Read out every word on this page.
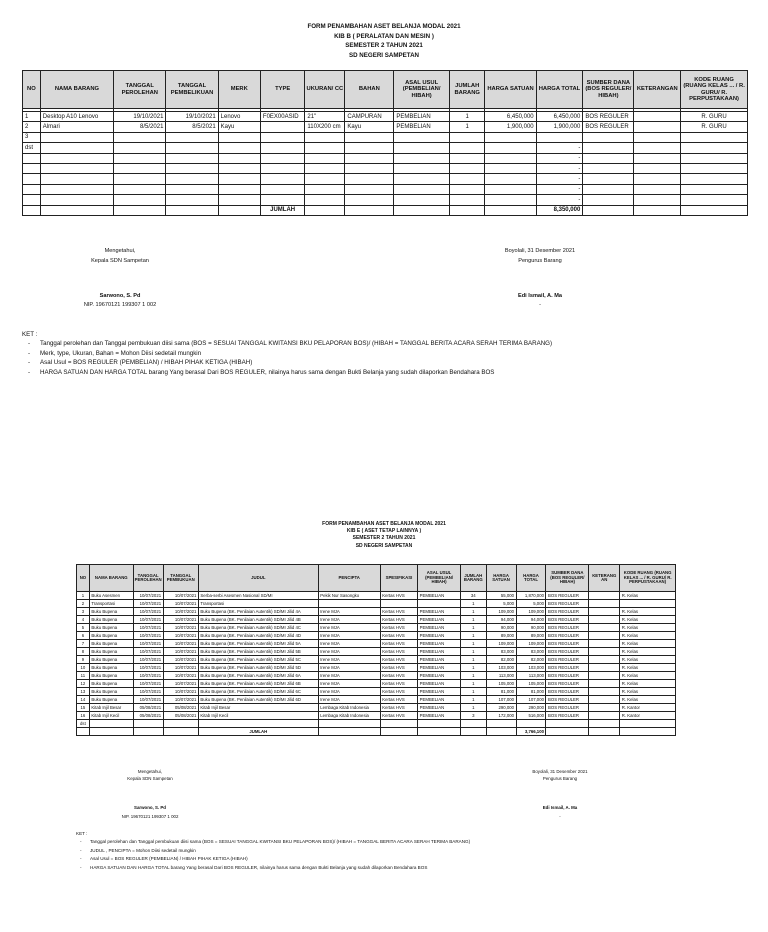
FORM PENAMBAHAN ASET BELANJA MODAL 2021
KIB B ( PERALATAN DAN MESIN )
SEMESTER 2 TAHUN 2021
SD NEGERI SAMPETAN
NO	NAMA BARANG	TANGGAL PEROLEHAN	TANGGAL PEMBELIKUAN	MERK	TYPE	UKURAN/ CC	BAHAN	ASAL USUL (PEMBELIAN/ HIBAH)	JUMLAH BARANG	HARGA SATUAN	HARGA TOTAL	SUMBER DANA (BOS REGULER/ HIBAH)	KETERANGAN	KODE RUANG (RUANG KELAS ... / R. GURU/ R. PERPUSTAKAAN)

1	Desktop A10 Lenovo	19/10/2021	19/10/2021	Lenovo	F0EX00ASID	21"	CAMPURAN	PEMBELIAN	1	6,450,000	6,450,000	BOS REGULER		R. GURU
2	Almari	8/5/2021	8/5/2021	Kayu		110X200 cm	Kayu	PEMBELIAN	1	1,900,000	1,900,000	BOS REGULER		R. GURU
3														
dst											-			
											-			
											-			
											-			
											-			
											-			
					JUMLAH						8,350,000			
Mengetahui,
Kepala SDN Sampetan
Boyolali, 31 Desember 2021
Pengurus Barang
Sarwono, S. Pd
NIP. 19670121 199307 1 002
Edi Ismail, A. Ma
-
KET :
- Tanggal perolehan dan Tanggal pembukuan diisi sama (BOS = SESUAI TANGGAL KWITANSI BKU PELAPORAN BOS)/ (HIBAH = TANGGAL BERITA ACARA SERAH TERIMA BARANG)
- Merk, type, Ukuran, Bahan = Mohon Diisi sedetail mungkin
- Asal Usul = BOS REGULER (PEMBELIAN) / HIBAH PIHAK KETIGA (HIBAH)
- HARGA SATUAN DAN HARGA TOTAL barang Yang berasal Dari BOS REGULER, nilainya harus sama dengan Bukti Belanja yang sudah dilaporkan Bendahara BOS
FORM PENAMBAHAN ASET BELANJA MODAL 2021
KIB E ( ASET TETAP LAINNYA )
SEMESTER 2 TAHUN 2021
SD NEGERI SAMPETAN
NO	NAMA BARANG	TANGGAL PEROLEHAN	TANGGAL PEMBUKUAN	JUDUL	PENCIPTA	SPESIFIKASI	ASAL USUL (PEMBELIAN/ HIBAH)	JUMLAH BARANG	HARGA SATUAN	HARGA TOTAL	SUMBER DANA (BOS REGULER/ HIBAH)	KETERANG AN	KODE RUANG (RUANG KELAS ... / R. GURU/ R. PERPUSTAKAAN)
1	Buku Asesmen	10/07/2021	10/07/2021	Serba-serbi Asesmen Nasional SD/MI	Pekik Nur Sasongko	Kertas HVS	PEMBELIAN	34	55,000	1,870,000	BOS REGULER		R. Kelas
2	Transportasi	10/07/2021	10/07/2021	Transportasi				1	5,000	5,000	BOS REGULER		
3	Buku Bupena	10/07/2021	10/07/2021	Buku Bupena (BK. Penilaian Autentik) SD/MI Jilid 4A	Irene MJA	Kertas HVS	PEMBELIAN	1	109,000	109,000	BOS REGULER		R. Kelas
4	Buku Bupena	10/07/2021	10/07/2021	Buku Bupena (BK. Penilaian Autentik) SD/MI Jilid 4B	Irene MJA	Kertas HVS	PEMBELIAN	1	94,000	94,000	BOS REGULER		R. Kelas
5	Buku Bupena	10/07/2021	10/07/2021	Buku Bupena (BK. Penilaian Autentik) SD/MI Jilid 4C	Irene MJA	Kertas HVS	PEMBELIAN	1	90,000	90,000	BOS REGULER		R. Kelas
6	Buku Bupena	10/07/2021	10/07/2021	Buku Bupena (BK. Penilaian Autentik) SD/MI Jilid 4D	Irene MJA	Kertas HVS	PEMBELIAN	1	89,000	89,000	BOS REGULER		R. Kelas
7	Buku Bupena	10/07/2021	10/07/2021	Buku Bupena (BK. Penilaian Autentik) SD/MI Jilid 5A	Irene MJA	Kertas HVS	PEMBELIAN	1	109,000	109,000	BOS REGULER		R. Kelas
8	Buku Bupena	10/07/2021	10/07/2021	Buku Bupena (BK. Penilaian Autentik) SD/MI Jilid 5B	Irene MJA	Kertas HVS	PEMBELIAN	1	83,000	83,000	BOS REGULER		R. Kelas
9	Buku Bupena	10/07/2021	10/07/2021	Buku Bupena (BK. Penilaian Autentik) SD/MI Jilid 5C	Irene MJA	Kertas HVS	PEMBELIAN	1	82,000	82,000	BOS REGULER		R. Kelas
10	Buku Bupena	10/07/2021	10/07/2021	Buku Bupena (BK. Penilaian Autentik) SD/MI Jilid 5D	Irene MJA	Kertas HVS	PEMBELIAN	1	103,000	103,000	BOS REGULER		R. Kelas
11	Buku Bupena	10/07/2021	10/07/2021	Buku Bupena (BK. Penilaian Autentik) SD/MI Jilid 6A	Irene MJA	Kertas HVS	PEMBELIAN	1	113,000	113,000	BOS REGULER		R. Kelas
12	Buku Bupena	10/07/2021	10/07/2021	Buku Bupena (BK. Penilaian Autentik) SD/MI Jilid 6B	Irene MJA	Kertas HVS	PEMBELIAN	1	105,000	105,000	BOS REGULER		R. Kelas
13	Buku Bupena	10/07/2021	10/07/2021	Buku Bupena (BK. Penilaian Autentik) SD/MI Jilid 6C	Irene MJA	Kertas HVS	PEMBELIAN	1	81,000	81,000	BOS REGULER		R. Kelas
14	Buku Bupena	10/07/2021	10/07/2021	Buku Bupena (BK. Penilaian Autentik) SD/MI Jilid 6D	Irene MJA	Kertas HVS	PEMBELIAN	1	107,000	107,000	BOS REGULER		R. Kelas
15	Kitab Injil Besar	05/08/2021	05/08/2021	Kitab Injil Besar	Lembaga Kitab Indonesia	Kertas HVS	PEMBELIAN	1	290,000	290,000	BOS REGULER		R. Kantor
16	Kitab Injil Kecil	05/08/2021	05/08/2021	Kitab Injil Kecil	Lembaga Kitab Indonesia	Kertas HVS	PEMBELIAN	3	172,000	516,000	BOS REGULER		R. Kantor
dst													
				JUMLAH						3,766,100			
Mengetahui,
Kepala SDN Sampetan
Boyolali, 31 Desember 2021
Pengurus Barang
Sarwono, S. Pd
NIP. 19670121 199307 1 002
Edi Ismail, A. Ma
-
KET :
- Tanggal perolehan dan Tanggal pembukuan diisi sama (BOS = SESUAI TANGGAL KWITANSI BKU PELAPORAN BOS)/ (HIBAH = TANGGAL BERITA ACARA SERAH TERIMA BARANG)
- JUDUL , PENCIPTA = Mohon Diisi sedetail mungkin
- Asal Usul = BOS REGULER (PEMBELIAN) / HIBAH PIHAK KETIGA (HIBAH)
- HARGA SATUAN DAN HARGA TOTAL barang Yang berasal Dari BOS REGULER, nilainya harus sama dengan Bukti Belanja yang sudah dilaporkan Bendahara BOS
